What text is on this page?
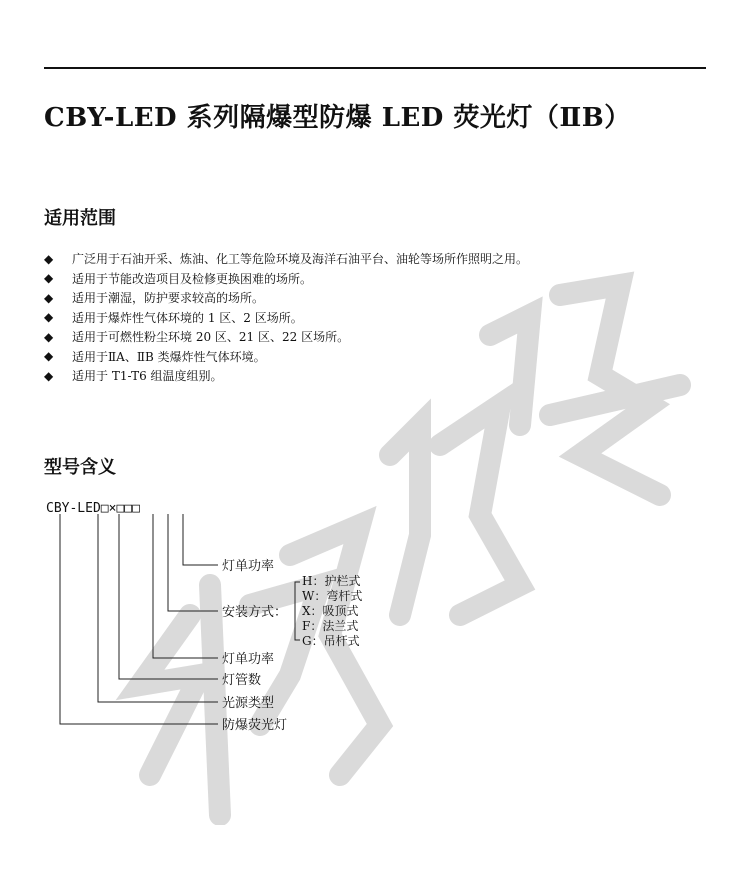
CBY-LED 系列隔爆型防爆 LED 荧光灯（ⅡB）
适用范围
◆	广泛用于石油开采、炼油、化工等危险环境及海洋石油平台、油轮等场所作照明之用。
◆	适用于节能改造项目及检修更换困难的场所。
◆	适用于潮湿，防护要求较高的场所。
◆	适用于爆炸性气体环境的 1 区、2 区场所。
◆	适用于可燃性粉尘环境 20 区、21 区、22 区场所。
◆	适用于ⅡA、ⅡB 类爆炸性气体环境。
◆	适用于 T1-T6 组温度组别。
型号含义
CBY-LED□×□□□
灯单功率
安装方式：
灯单功率
灯管数
光源类型
防爆荧光灯
H：护栏式
W：弯杆式
X：吸顶式
F：法兰式
G：吊杆式
